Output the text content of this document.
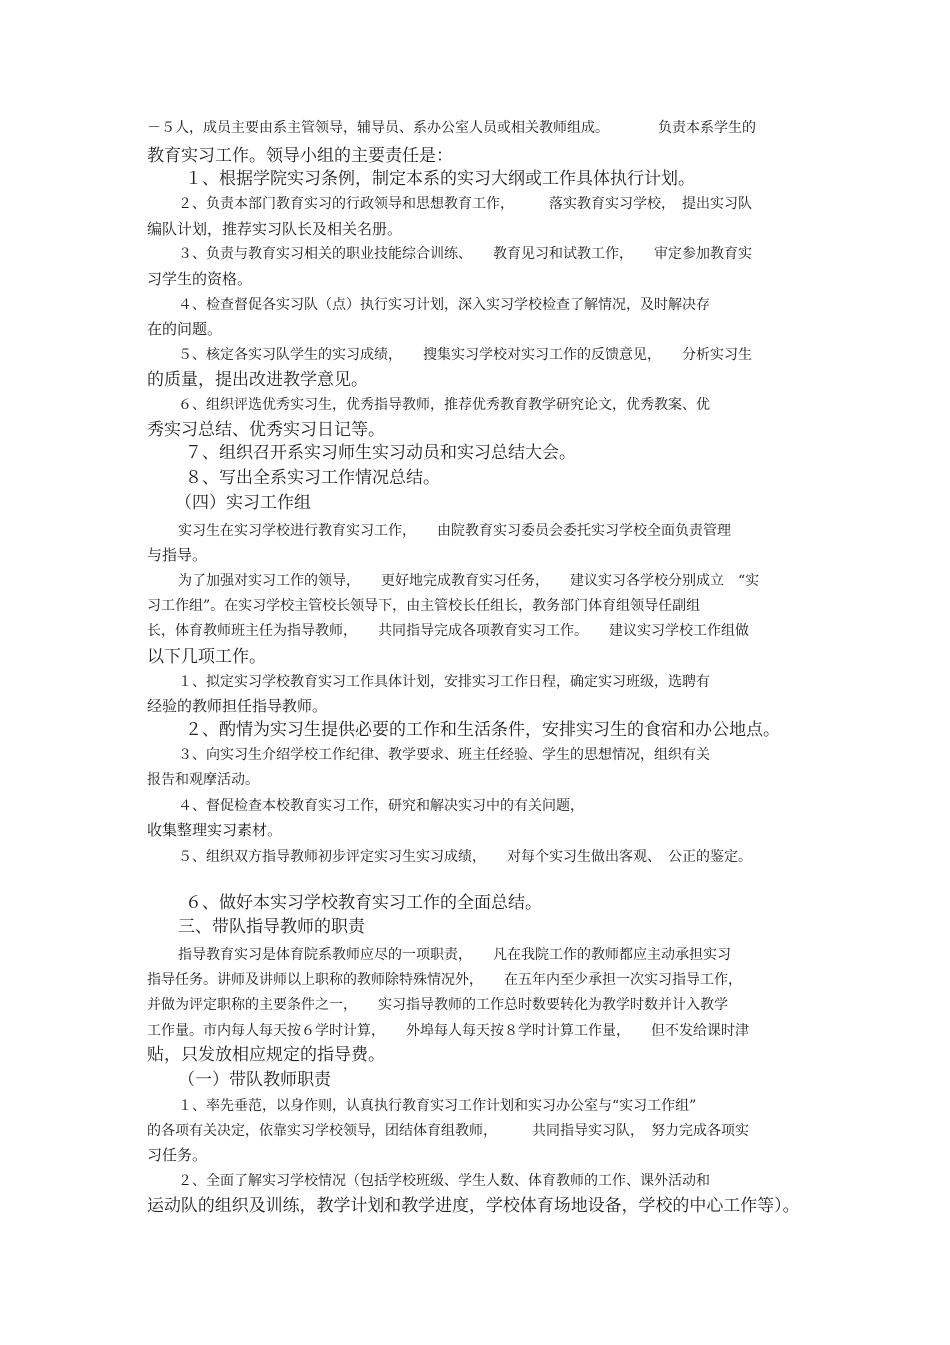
－５人，成员主要由系主管领导，辅导员、系办公室人员或相关教师组成。　　　　负责本系学生的
教育实习工作。领导小组的主要责任是：
１、根据学院实习条例，制定本系的实习大纲或工作具体执行计划。
２、负责本部门教育实习的行政领导和思想教育工作，　　　落实教育实习学校，　提出实习队
编队计划，推荐实习队长及相关名册。
３、负责与教育实习相关的职业技能综合训练、　　教育见习和试教工作，　　审定参加教育实
习学生的资格。
４、检查督促各实习队（点）执行实习计划，深入实习学校检查了解情况，及时解决存
在的问题。
５、核定各实习队学生的实习成绩，　　搜集实习学校对实习工作的反馈意见，　　分析实习生
的质量，提出改进教学意见。
６、组织评选优秀实习生，优秀指导教师，推荐优秀教育教学研究论文，优秀教案、优
秀实习总结、优秀实习日记等。
７、组织召开系实习师生实习动员和实习总结大会。
８、写出全系实习工作情况总结。
（四）实习工作组
实习生在实习学校进行教育实习工作，　　由院教育实习委员会委托实习学校全面负责管理
与指导。
为了加强对实习工作的领导，　　更好地完成教育实习任务，　　建议实习各学校分别成立　“实
习工作组”。在实习学校主管校长领导下，由主管校长任组长，教务部门体育组领导任副组
长，体育教师班主任为指导教师，　　共同指导完成各项教育实习工作。　　建议实习学校工作组做
以下几项工作。
１、拟定实习学校教育实习工作具体计划，安排实习工作日程，确定实习班级，选聘有
经验的教师担任指导教师。
２、酌情为实习生提供必要的工作和生活条件，安排实习生的食宿和办公地点。
３、向实习生介绍学校工作纪律、教学要求、班主任经验、学生的思想情况，组织有关
报告和观摩活动。
４、督促检查本校教育实习工作，研究和解决实习中的有关问题，
收集整理实习素材。
５、组织双方指导教师初步评定实习生实习成绩，　　对每个实习生做出客观、　公正的鉴定。
６、做好本实习学校教育实习工作的全面总结。
三、带队指导教师的职责
指导教育实习是体育院系教师应尽的一项职责，　　凡在我院工作的教师都应主动承担实习
指导任务。讲师及讲师以上职称的教师除特殊情况外，　　在五年内至少承担一次实习指导工作，
并做为评定职称的主要条件之一，　　实习指导教师的工作总时数要转化为教学时数并计入教学
工作量。市内每人每天按６学时计算，　　外埠每人每天按８学时计算工作量，　　但不发给课时津
贴，只发放相应规定的指导费。
（一）带队教师职责
１、率先垂范，以身作则，认真执行教育实习工作计划和实习办公室与“实习工作组”
的各项有关决定，依靠实习学校领导，团结体育组教师，　　　共同指导实习队，　努力完成各项实
习任务。
２、全面了解实习学校情况（包括学校班级、学生人数、体育教师的工作、课外活动和
运动队的组织及训练，教学计划和教学进度，学校体育场地设备，学校的中心工作等）。
